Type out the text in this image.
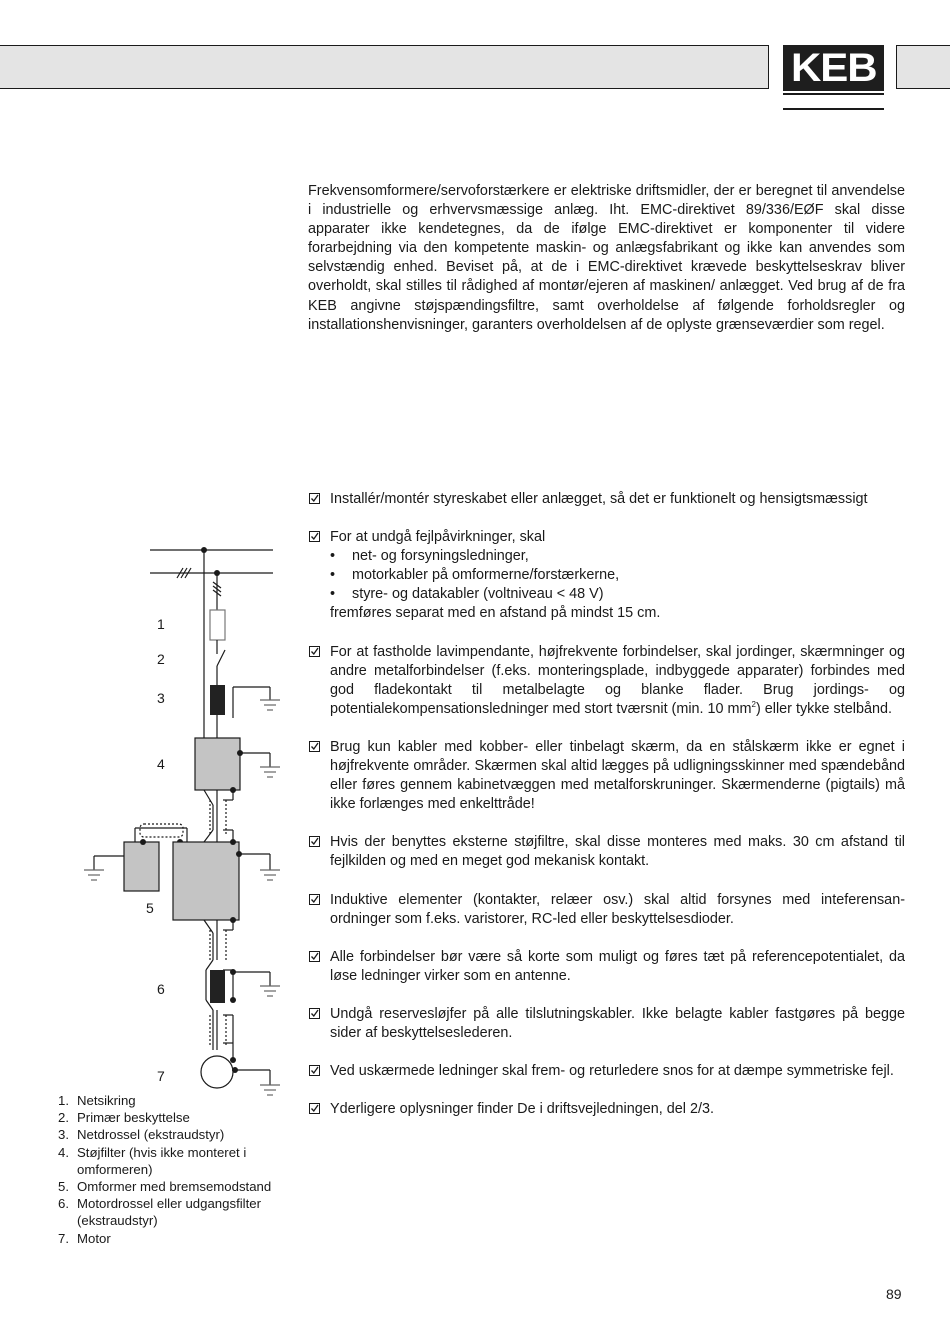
KEB

Frekvensomformere/servoforstærkere er elektriske driftsmidler, der er beregnet til anvendelse i industrielle og erhvervsmæssige anlæg. Iht. EMC-direktivet 89/336/EØF skal disse apparater ikke kendetegnes, da de ifølge EMC-direktivet er komponenter til videre forarbejdning via den kompetente maskin- og anlægsfabrikant og ikke kan anvendes som selvstændig enhed. Beviset på, at de i EMC-direktivet krævede beskyttelseskrav bliver overholdt, skal stilles til rådighed af montør/ejeren af maskinen/ anlægget. Ved brug af de fra KEB angivne støjspændingsfiltre, samt overholdelse af følgende forholdsregler og installationshenvisninger, garanters overholdelsen af de oplyste grænseværdier som regel.

Installér/montér styreskabet eller anlægget, så det er funktionelt og hensigtsmæssigt
For at undgå fejlpåvirkninger, skal
• net- og forsyningsledninger,
• motorkabler på omformerne/forstærkerne,
• styre- og datakabler (voltniveau < 48 V)
fremføres separat med en afstand på mindst 15 cm.
For at fastholde lavimpendante, højfrekvente forbindelser, skal jordinger, skærmninger og andre metalforbindelser (f.eks. monteringsplade, indbyggede apparater) forbindes med god fladekontakt til metalbelagte og blanke flader. Brug jordings- og potentialekompensationsledninger med stort tværsnit (min. 10 $mm^2$) eller tykke stelbånd.
Brug kun kabler med kobber- eller tinbelagt skærm, da en stålskærm ikke er egnet i højfrekvente områder. Skærmen skal altid lægges på udligningsskinner med spændebånd eller føres gennem kabinetvæggen med metalforskruninger. Skærmenderne (pigtails) må ikke forlænges med enkelttråde!
Hvis der benyttes eksterne støjfiltre, skal disse monteres med maks. 30 cm afstand til fejlkilden og med en meget god mekanisk kontakt.
Induktive elementer (kontakter, relæer osv.) skal altid forsynes med inteferensan-ordninger som f.eks. varistorer, RC-led eller beskyttelsesdioder.
Alle forbindelser bør være så korte som muligt og føres tæt på referencepotentialet, da løse ledninger virker som en antenne.
Undgå reservesløjfer på alle tilslutningskabler. Ikke belagte kabler fastgøres på begge sider af beskyttelseslederen.
Ved uskærmede ledninger skal frem- og returledere snos for at dæmpe symmetriske fejl.
Yderligere oplysninger finder De i driftsvejledningen, del 2/3.
1
2
3
4
5
6
7
1. Netsikring
2. Primær beskyttelse
3. Netdrossel (ekstraudstyr)
4. Støjfilter (hvis ikke monteret i omformeren)
5. Omformer med bremsemodstand
6. Motordrossel eller udgangsfilter (ekstraudstyr)
7. Motor
89
